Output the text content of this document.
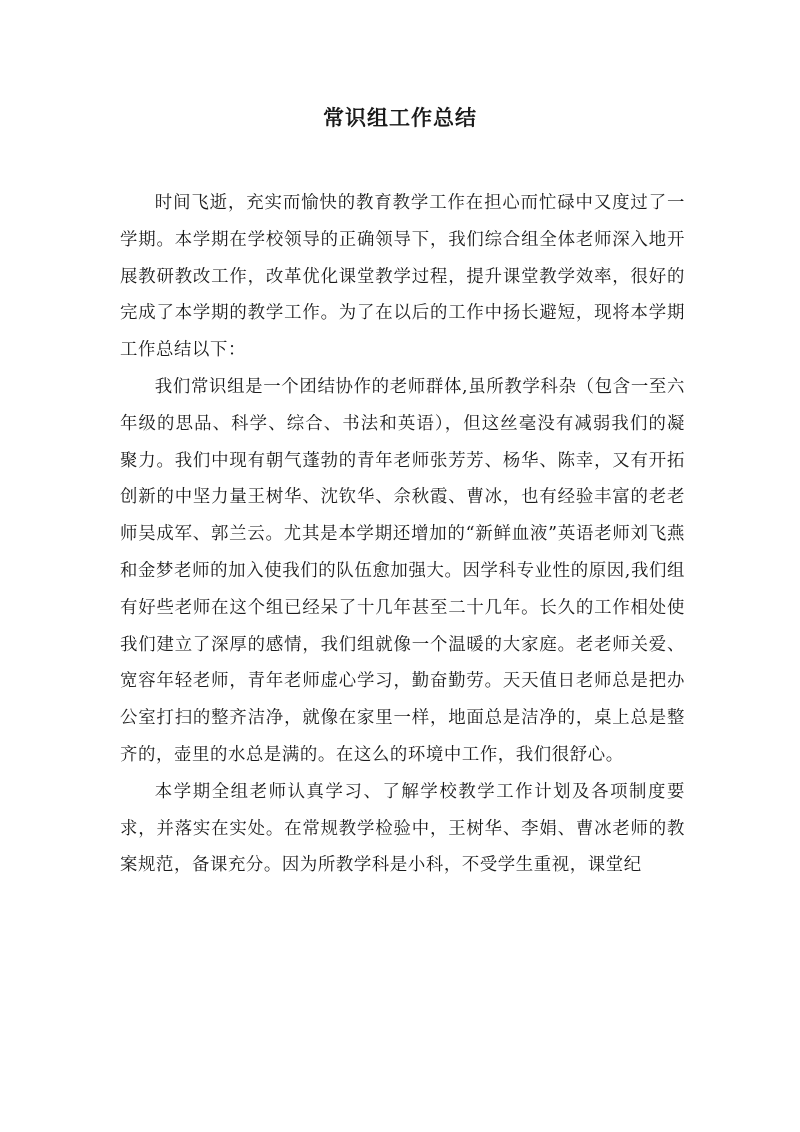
常识组工作总结

时间飞逝，充实而愉快的教育教学工作在担心而忙碌中又度过了一学期。本学期在学校领导的正确领导下，我们综合组全体老师深入地开展教研教改工作，改革优化课堂教学过程，提升课堂教学效率，很好的完成了本学期的教学工作。为了在以后的工作中扬长避短，现将本学期工作总结以下：

我们常识组是一个团结协作的老师群体,虽所教学科杂（包含一至六年级的思品、科学、综合、书法和英语），但这丝毫没有减弱我们的凝聚力。我们中现有朝气蓬勃的青年老师张芳芳、杨华、陈幸，又有开拓创新的中坚力量王树华、沈钦华、佘秋霞、曹冰，也有经验丰富的老老师吴成军、郭兰云。尤其是本学期还增加的“新鲜血液”英语老师刘飞燕和金梦老师的加入使我们的队伍愈加强大。因学科专业性的原因,我们组有好些老师在这个组已经呆了十几年甚至二十几年。长久的工作相处使我们建立了深厚的感情，我们组就像一个温暖的大家庭。老老师关爱、宽容年轻老师，青年老师虚心学习，勤奋勤劳。天天值日老师总是把办公室打扫的整齐洁净，就像在家里一样，地面总是洁净的，桌上总是整齐的，壶里的水总是满的。在这么的环境中工作，我们很舒心。

本学期全组老师认真学习、了解学校教学工作计划及各项制度要求，并落实在实处。在常规教学检验中，王树华、李娟、曹冰老师的教案规范，备课充分。因为所教学科是小科，不受学生重视，课堂纪
